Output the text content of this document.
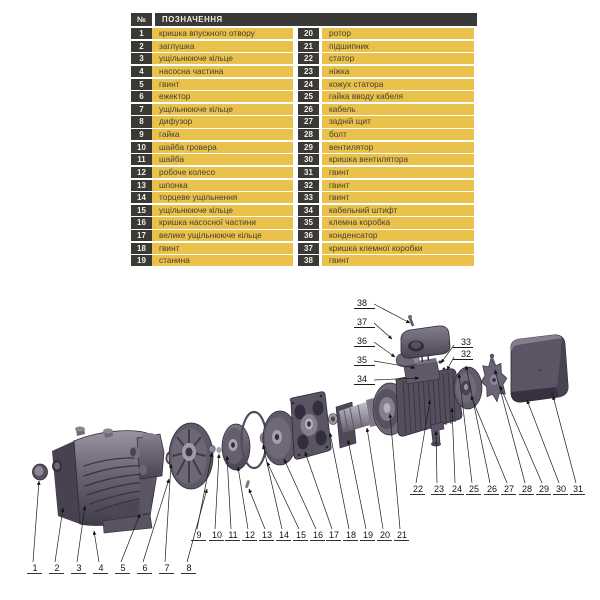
№	ПОЗНАЧЕННЯ
1	кришка впускного отвору	20	ротор
2	заглушка	21	підшипник
3	ущільнююче кільце	22	статор
4	насосна частина	23	ніжка
5	гвинт	24	кожух статора
6	ежектор	25	гайка вводу кабеля
7	ущільнююче кільце	26	кабель
8	дифузор	27	задній щит
9	гайка	28	болт
10	шайба гровера	29	вентилятор
11	шайба	30	кришка вентилятора
12	робоче колесо	31	гвинт
13	шпонка	32	гвинт
14	торцеве ущільнення	33	гвинт
15	ущільнююче кільце	34	кабельний штифт
16	кришка насосної частини	35	клемна коробка
17	велике ущільнююче кільце	36	конденсатор
18	гвинт	37	кришка клемної коробки
19	станина	38	гвинт
1 2 3 4 5 6 7 8
9 10 11 12 13 14 15 16 17 18 19 20 21
22 23 24 25 26 27 28 29 30 31
32
33
34
35
36
37
38
